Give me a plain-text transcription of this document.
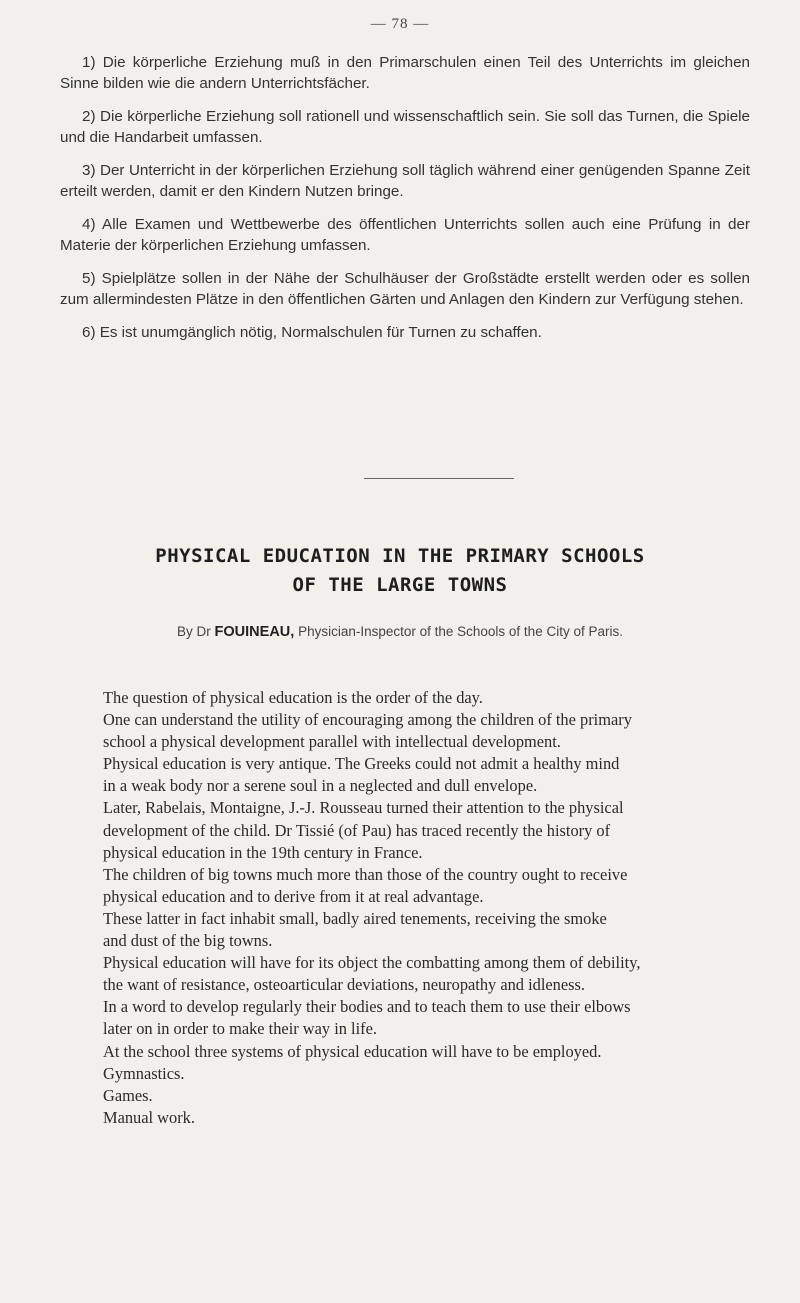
— 78 —

1) Die körperliche Erziehung muß in den Primarschulen einen Teil des Unterrichts im gleichen Sinne bilden wie die andern Unterrichtsfächer.

2) Die körperliche Erziehung soll rationell und wissenschaftlich sein. Sie soll das Turnen, die Spiele und die Handarbeit umfassen.

3) Der Unterricht in der körperlichen Erziehung soll täglich während einer genügenden Spanne Zeit erteilt werden, damit er den Kindern Nutzen bringe.

4) Alle Examen und Wettbewerbe des öffentlichen Unterrichts sollen auch eine Prüfung in der Materie der körperlichen Erziehung umfassen.

5) Spielplätze sollen in der Nähe der Schulhäuser der Großstädte erstellt werden oder es sollen zum allermindesten Plätze in den öffentlichen Gärten und Anlagen den Kindern zur Verfügung stehen.

6) Es ist unumgänglich nötig, Normalschulen für Turnen zu schaffen.

PHYSICAL EDUCATION IN THE PRIMARY SCHOOLS
OF THE LARGE TOWNS
By Dr FOUINEAU, Physician-Inspector of the Schools of the City of Paris.

The question of physical education is the order of the day.

One can understand the utility of encouraging among the children of the primary

school a physical development parallel with intellectual development.

Physical education is very antique. The Greeks could not admit a healthy mind

in a weak body nor a serene soul in a neglected and dull envelope.

Later, Rabelais, Montaigne, J.-J. Rousseau turned their attention to the physical

development of the child. Dr Tissié (of Pau) has traced recently the history of

physical education in the 19th century in France.

The children of big towns much more than those of the country ought to receive

physical education and to derive from it at real advantage.

These latter in fact inhabit small, badly aired tenements, receiving the smoke

and dust of the big towns.

Physical education will have for its object the combatting among them of debility,

the want of resistance, osteoarticular deviations, neuropathy and idleness.

In a word to develop regularly their bodies and to teach them to use their elbows

later on in order to make their way in life.

At the school three systems of physical education will have to be employed.

Gymnastics.

Games.

Manual work.
